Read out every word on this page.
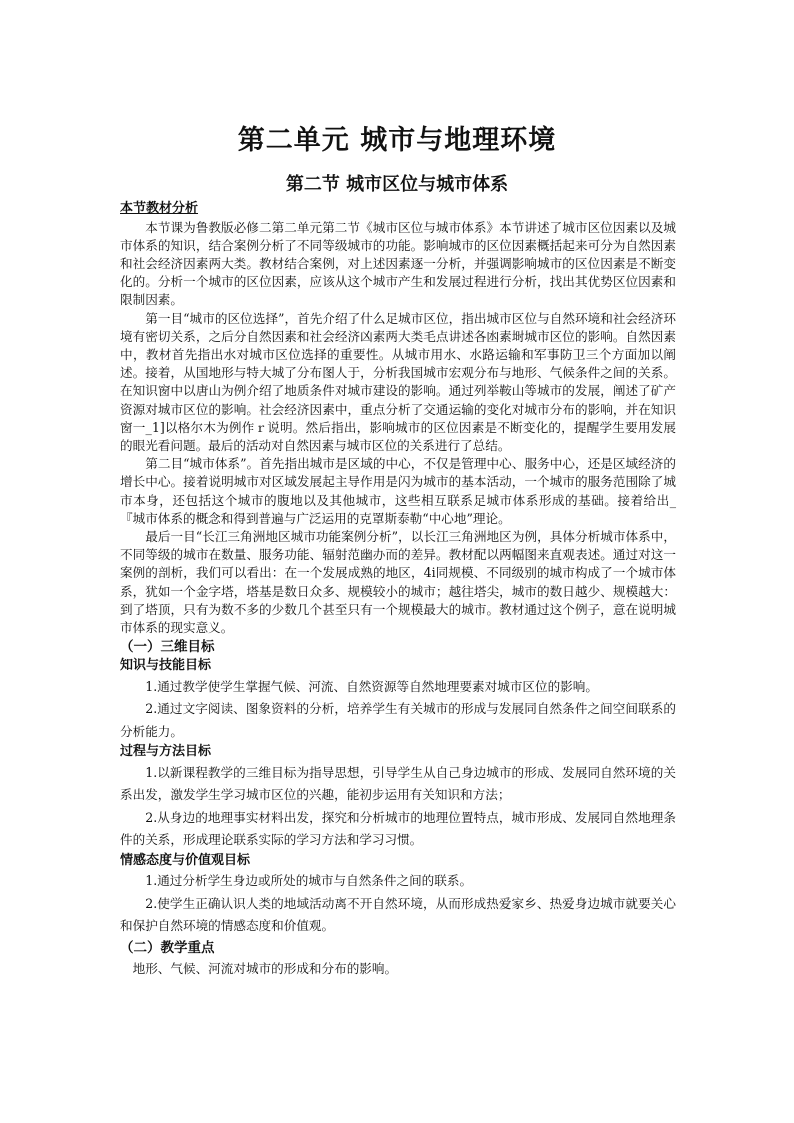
第二单元 城市与地理环境
第二节 城市区位与城市体系
本节教材分析

本节课为鲁教版必修二第二单元第二节《城市区位与城市体系》本节讲述了城市区位因素以及城市体系的知识，结合案例分析了不同等级城市的功能。影响城市的区位因素概括起来可分为自然因素和社会经济因素两大类。教材结合案例，对上述因素逐一分析，并强调影响城市的区位因素是不断变化的。分析一个城市的区位因素，应该从这个城市产生和发展过程进行分析，找出其优势区位因素和限制因素。

第一目“城市的区位选择”，首先介绍了什么足城市区位，指出城市区位与自然环境和社会经济环境有密切关系，之后分自然因素和社会经济凶素两大类毛点讲述各凼素埘城市区位的影响。自然因素中，教材首先指出水对城市区位选择的重要性。从城市用水、水路运输和军事防卫三个方面加以阐述。接着，从国地形与特大城了分布图人于，分析我国城市宏观分布与地形、气候条件之间的关系。在知识窗中以唐山为例介绍了地质条件对城市建设的影响。通过列举鞍山等城市的发展，阐述了矿产资源对城市区位的影响。社会经济因素中，重点分析了交通运输的变化对城市分布的影响，并在知识窗一_1]以格尔木为例作ｒ说明。然后指出，影响城市的区位因素是不断变化的，提醒学生要用发展的眼光看问题。最后的活动对自然因素与城市区位的关系进行了总结。

第二目“城市体系”。首先指出城市是区域的中心，不仅是管理中心、服务中心，还是区域经济的增长中心。接着说明城市对区域发展起主导作用是闪为城市的基本活动，一个城市的服务范围除了城市本身，还包括这个城市的腹地以及其他城市，这些相互联系足城市体系形成的基础。接着给出_『城市体系的概念和得到普遍与广泛运用的克罩斯泰勒“中心地”理论。

最后一目“长江三角洲地区城市功能案例分析”，以长江三角洲地区为例，具体分析城市体系中，不同等级的城市在数量、服务功能、辐射范幽办而的差异。教材配以两幅图来直观表述。通过对这一案例的剖析，我们可以看出：在一个发展成熟的地区，4i同规模、不同级别的城市构成了一个城市体系，犹如一个金字塔，塔基是数日众多、规模较小的城市；越往塔尖，城市的数日越少、规模越大：到了塔顶，只有为数不多的少数几个甚至只有一个规模最大的城市。教材通过这个例子，意在说明城市体系的现实意义。

（一）三维目标
知识与技能目标

1.通过教学使学生掌握气候、河流、自然资源等自然地理要素对城市区位的影响。

2.通过文字阅读、图象资料的分析，培养学生有关城市的形成与发展同自然条件之间空间联系的分析能力。

过程与方法目标

1.以新课程教学的三维目标为指导思想，引导学生从自己身边城市的形成、发展同自然环境的关系出发，激发学生学习城市区位的兴趣，能初步运用有关知识和方法；

2.从身边的地理事实材料出发，探究和分析城市的地理位置特点，城市形成、发展同自然地理条件的关系，形成理论联系实际的学习方法和学习习惯。

情感态度与价值观目标

1.通过分析学生身边或所处的城市与自然条件之间的联系。

2.使学生正确认识人类的地域活动离不开自然环境，从而形成热爱家乡、热爱身边城市就要关心和保护自然环境的情感态度和价值观。

（二）教学重点

地形、气候、河流对城市的形成和分布的影响。
